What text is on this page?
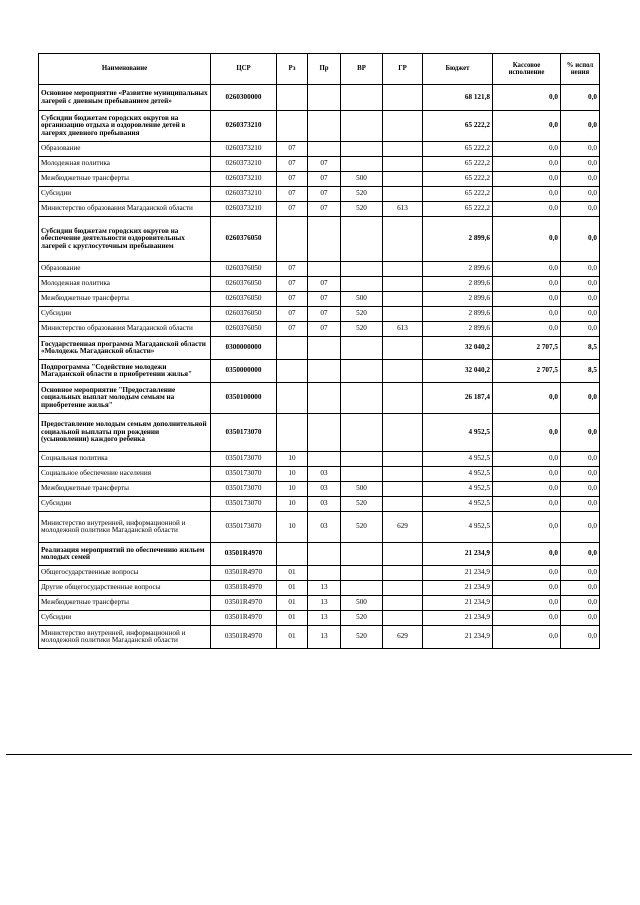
Наименование	ЦСР	Рз	Пр	ВР	ГР	Бюджет	Кассовое исполнение	% испол нения
Основное мероприятие «Развитие муниципальных лагерей с дневным пребыванием детей»	0260300000					68 121,8	0,0	0,0
Субсидии бюджетам городских округов на организацию отдыха и оздоровление детей в лагерях дневного пребывания	0260373210					65 222,2	0,0	0,0
Образование	0260373210	07				65 222,2	0,0	0,0
Молодежная политика	0260373210	07	07			65 222,2	0,0	0,0
Межбюджетные трансферты	0260373210	07	07	500		65 222,2	0,0	0,0
Субсидии	0260373210	07	07	520		65 222,2	0,0	0,0
Министерство образования Магаданской области	0260373210	07	07	520	613	65 222,2	0,0	0,0
Субсидии бюджетам городских округов на обеспечение деятельности оздоровительных лагерей с круглосуточным пребыванием	0260376050					2 899,6	0,0	0,0
Образование	0260376050	07				2 899,6	0,0	0,0
Молодежная политика	0260376050	07	07			2 899,6	0,0	0,0
Межбюджетные трансферты	0260376050	07	07	500		2 899,6	0,0	0,0
Субсидии	0260376050	07	07	520		2 899,6	0,0	0,0
Министерство образования Магаданской области	0260376050	07	07	520	613	2 899,6	0,0	0,0
Государственная программа Магаданской области «Молодежь Магаданской области»	0300000000					32 040,2	2 707,5	8,5
Подпрограмма "Содействие молодежи Магаданской области в приобретении жилья"	0350000000					32 040,2	2 707,5	8,5
Основное мероприятие "Предоставление социальных выплат молодым семьям на приобретение жилья"	0350100000					26 187,4	0,0	0,0
Предоставление молодым семьям дополнительной социальной выплаты при рождении (усыновлении) каждого ребенка	0350173070					4 952,5	0,0	0,0
Социальная политика	0350173070	10				4 952,5	0,0	0,0
Социальное обеспечение населения	0350173070	10	03			4 952,5	0,0	0,0
Межбюджетные трансферты	0350173070	10	03	500		4 952,5	0,0	0,0
Субсидии	0350173070	10	03	520		4 952,5	0,0	0,0
Министерство внутренней, информационной и молодежной политики Магаданской области	0350173070	10	03	520	629	4 952,5	0,0	0,0
Реализация мероприятий по обеспечению жильем молодых семей	03501R4970					21 234,9	0,0	0,0
Общегосударственные вопросы	03501R4970	01				21 234,9	0,0	0,0
Другие общегосударственные вопросы	03501R4970	01	13			21 234,9	0,0	0,0
Межбюджетные трансферты	03501R4970	01	13	500		21 234,9	0,0	0,0
Субсидии	03501R4970	01	13	520		21 234,9	0,0	0,0
Министерство внутренней, информационной и молодежной политики Магаданской области	03501R4970	01	13	520	629	21 234,9	0,0	0,0
